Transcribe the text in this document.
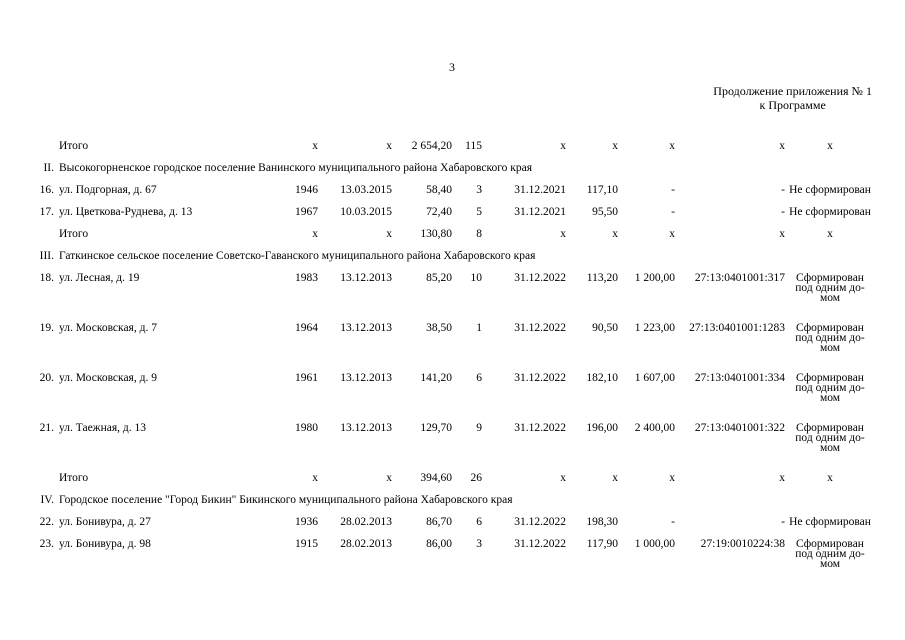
3
Продолжение приложения № 1
к Программе
	Итого	x	x	2 654,20	115	x	x	x	x	x
II.	Высокогорненское городское поселение Ванинского муниципального района Хабаровского края									
16.	ул. Подгорная, д. 67	1946	13.03.2015	58,40	3	31.12.2021	117,10	-	-	Не сформирован
17.	ул. Цветкова-Руднева, д. 13	1967	10.03.2015	72,40	5	31.12.2021	95,50	-	-	Не сформирован
	Итого	x	x	130,80	8	x	x	x	x	x
III.	Гаткинское сельское поселение Советско-Гаванского муниципального района Хабаровского края									
18.	ул. Лесная, д. 19	1983	13.12.2013	85,20	10	31.12.2022	113,20	1 200,00	27:13:0401001:317	Сформирован
под одним до-
мом

19.	ул. Московская, д. 7	1964	13.12.2013	38,50	1	31.12.2022	90,50	1 223,00	27:13:0401001:1283	Сформирован
под одним до-
мом

20.	ул. Московская, д. 9	1961	13.12.2013	141,20	6	31.12.2022	182,10	1 607,00	27:13:0401001:334	Сформирован
под одним до-
мом

21.	ул. Таежная, д. 13	1980	13.12.2013	129,70	9	31.12.2022	196,00	2 400,00	27:13:0401001:322	Сформирован
под одним до-
мом

	Итого	x	x	394,60	26	x	x	x	x	x
IV.	Городское поселение "Город Бикин" Бикинского муниципального района Хабаровского края									
22.	ул. Бонивура, д. 27	1936	28.02.2013	86,70	6	31.12.2022	198,30	-	-	Не сформирован
23.	ул. Бонивура, д. 98	1915	28.02.2013	86,00	3	31.12.2022	117,90	1 000,00	27:19:0010224:38	Сформирован
под одним до-
мом
